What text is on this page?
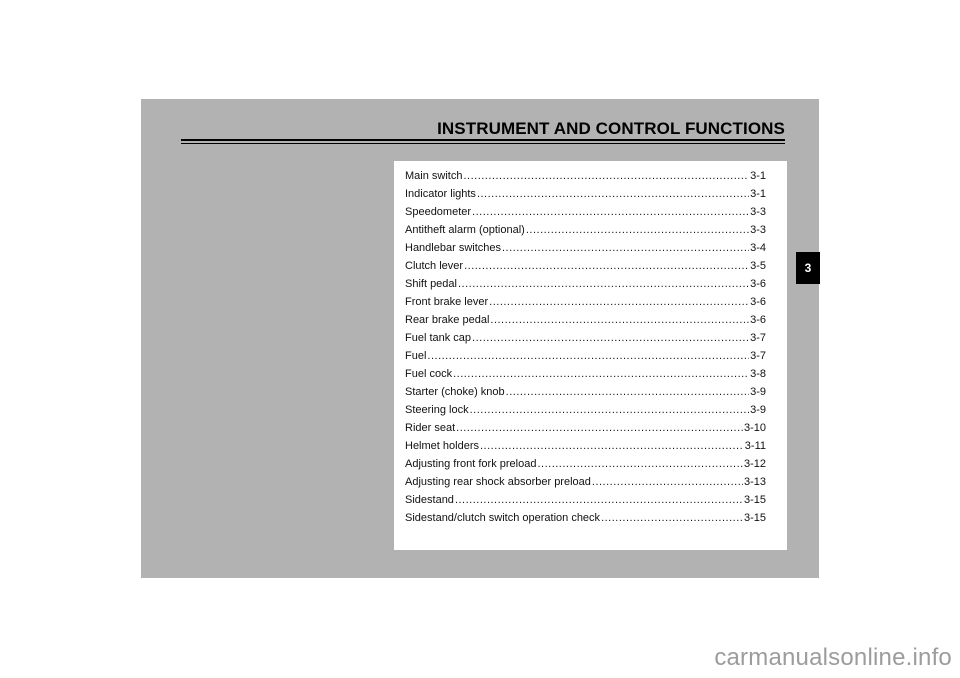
INSTRUMENT AND CONTROL FUNCTIONS
Main switch .....	3-1
Indicator lights .....	3-1
Speedometer .....	3-3
Antitheft alarm (optional) .....	3-3
Handlebar switches .....	3-4
Clutch lever .....	3-5
Shift pedal .....	3-6
Front brake lever .....	3-6
Rear brake pedal .....	3-6
Fuel tank cap .....	3-7
Fuel .....	3-7
Fuel cock .....	3-8
Starter (choke) knob .....	3-9
Steering lock .....	3-9
Rider seat .....	3-10
Helmet holders .....	3-11
Adjusting front fork preload .....	3-12
Adjusting rear shock absorber preload .....	3-13
Sidestand .....	3-15
Sidestand/clutch switch operation check .....	3-15
3
carmanualsonline.info
